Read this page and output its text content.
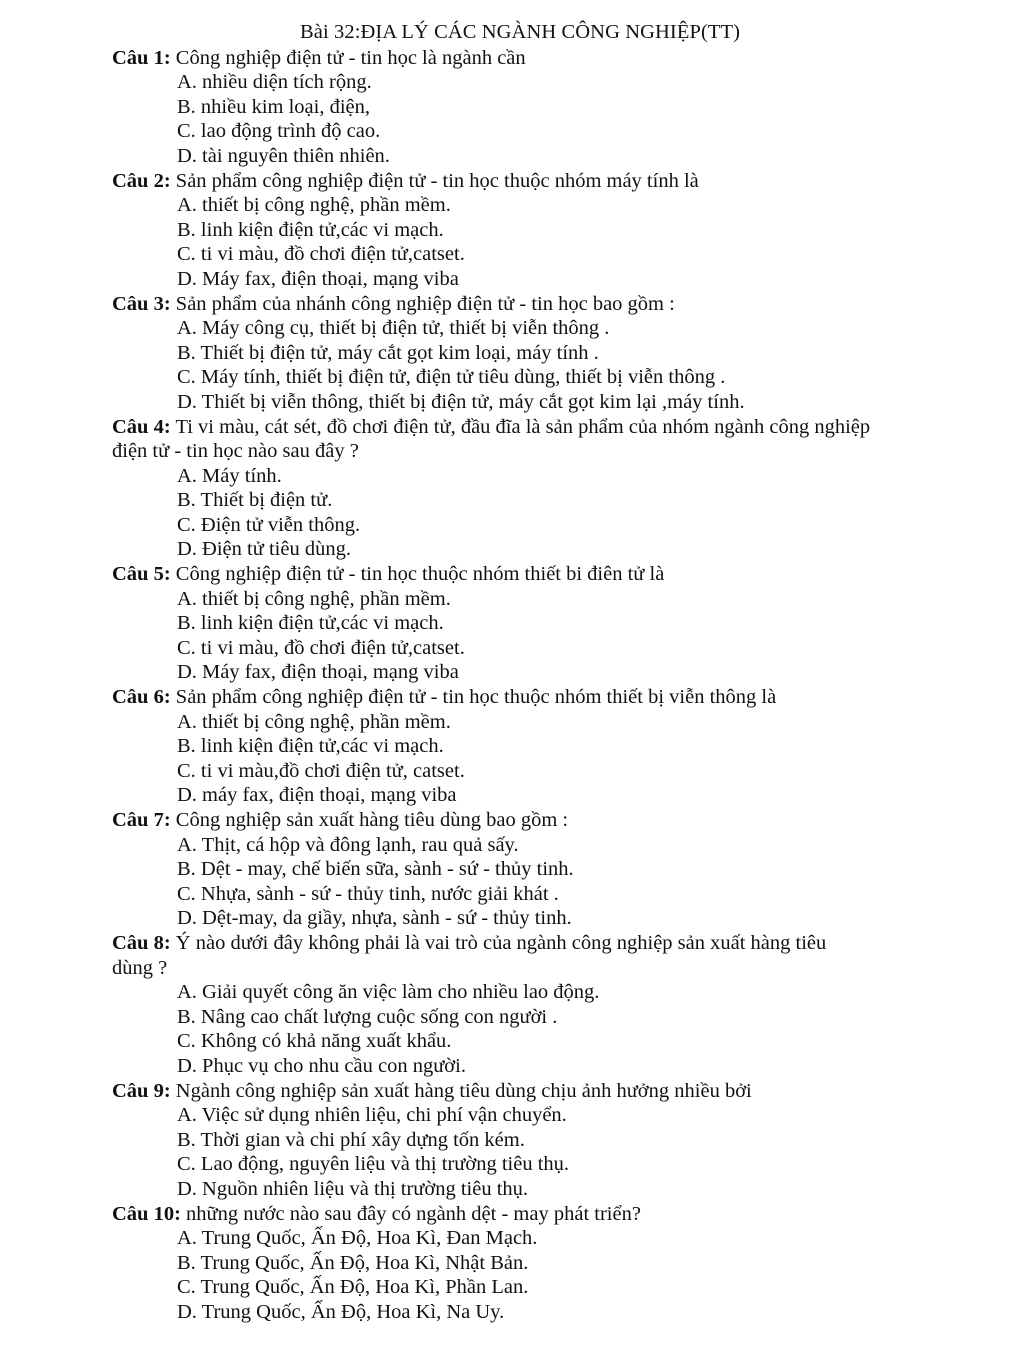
Bài 32:ĐỊA LÝ CÁC NGÀNH CÔNG NGHIỆP(TT)

Câu 1: Công nghiệp điện tử - tin học là ngành cần

A. nhiều diện tích rộng.
B. nhiều kim loại, điện,
C. lao động trình độ cao.
D. tài nguyên thiên nhiên.

Câu 2: Sản phẩm công nghiệp điện tử - tin học thuộc nhóm máy tính là

A. thiết bị công nghệ, phần mềm.
B. linh kiện điện tử,các vi mạch.
C. ti vi màu, đồ chơi điện tử,catset.
D. Máy fax, điện thoại, mạng viba

Câu 3: Sản phẩm của nhánh công nghiệp điện tử - tin học bao gồm :

A. Máy công cụ, thiết bị điện tử, thiết bị viễn thông .
B. Thiết bị điện tử, máy cắt gọt kim loại, máy tính .
C. Máy tính, thiết bị điện tử, điện tử tiêu dùng, thiết bị viễn thông .
D. Thiết bị viễn thông, thiết bị điện tử, máy cắt gọt kim lại ,máy tính.

Câu 4: Ti vi màu, cát sét, đồ chơi điện tử, đầu đĩa là sản phẩm của nhóm ngành công nghiệp điện tử - tin học nào sau đây ?

A. Máy tính.
B. Thiết bị điện tử.
C. Điện tử viễn thông.
D. Điện tử tiêu dùng.

Câu 5: Công nghiệp điện tử - tin học thuộc nhóm thiết bi điên tử là

A. thiết bị công nghệ, phần mềm.
B. linh kiện điện tử,các vi mạch.
C. ti vi màu, đồ chơi điện tử,catset.
D. Máy fax, điện thoại, mạng viba

Câu 6: Sản phẩm công nghiệp điện tử - tin học thuộc nhóm thiết bị viễn thông là

A. thiết bị công nghệ, phần mềm.
B. linh kiện điện tử,các vi mạch.
C. ti vi màu,đồ chơi điện tử, catset.
D. máy fax, điện thoại, mạng viba

Câu 7: Công nghiệp sản xuất hàng tiêu dùng bao gồm :

A. Thịt, cá hộp và đông lạnh, rau quả sấy.
B. Dệt - may, chế biến sữa, sành - sứ - thủy tinh.
C. Nhựa, sành - sứ - thủy tinh, nước giải khát .
D. Dệt-may, da giầy, nhựa, sành - sứ - thủy tinh.

Câu 8: Ý nào dưới đây không phải là vai trò của ngành công nghiệp sản xuất hàng tiêu dùng ?

A. Giải quyết công ăn việc làm cho nhiều lao động.
B. Nâng cao chất lượng cuộc sống con người .
C. Không có khả năng xuất khẩu.
D. Phục vụ cho nhu cầu con người.

Câu 9: Ngành công nghiệp sản xuất hàng tiêu dùng chịu ảnh hưởng nhiều bởi

A. Việc sử dụng nhiên liệu, chi phí vận chuyển.
B. Thời gian và chi phí xây dựng tốn kém.
C. Lao động, nguyên liệu và thị trường tiêu thụ.
D. Nguồn nhiên liệu và thị trường tiêu thụ.

Câu 10: những nước nào sau đây có ngành dệt - may phát triển?

A. Trung Quốc, Ấn Độ, Hoa Kì, Đan Mạch.
B. Trung Quốc, Ấn Độ, Hoa Kì, Nhật Bản.
C. Trung Quốc, Ấn Độ, Hoa Kì, Phần Lan.
D. Trung Quốc, Ấn Độ, Hoa Kì, Na Uy.
